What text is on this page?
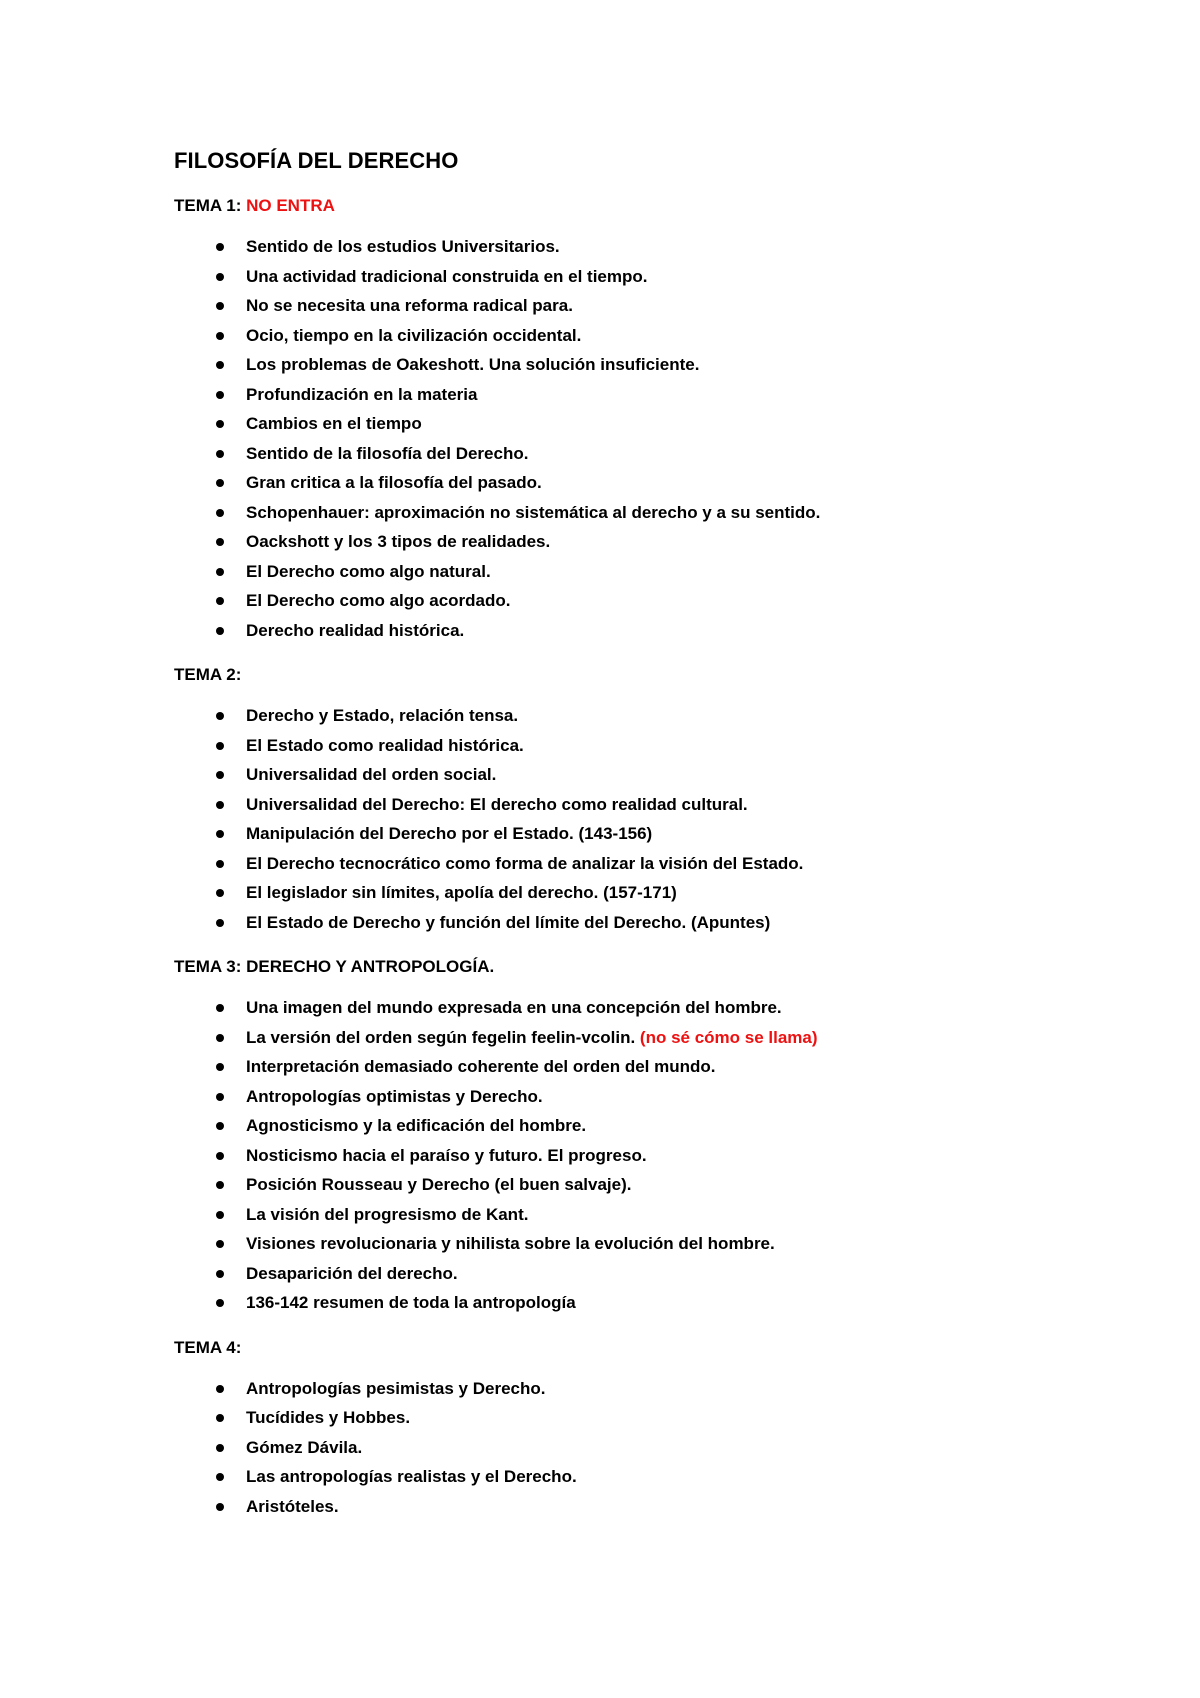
FILOSOFÍA DEL DERECHO
TEMA 1: NO ENTRA
Sentido de los estudios Universitarios.
Una actividad tradicional construida en el tiempo.
No se necesita una reforma radical para.
Ocio, tiempo en la civilización occidental.
Los problemas de Oakeshott. Una solución insuficiente.
Profundización en la materia
Cambios en el tiempo
Sentido de la filosofía del Derecho.
Gran critica a la filosofía del pasado.
Schopenhauer: aproximación no sistemática al derecho y a su sentido.
Oackshott y los 3 tipos de realidades.
El Derecho como algo natural.
El Derecho como algo acordado.
Derecho realidad histórica.
TEMA 2:
Derecho y Estado, relación tensa.
El Estado como realidad histórica.
Universalidad del orden social.
Universalidad del Derecho: El derecho como realidad cultural.
Manipulación del Derecho por el Estado. (143-156)
El Derecho tecnocrático como forma de analizar la visión del Estado.
El legislador sin límites, apolía del derecho. (157-171)
El Estado de Derecho y función del límite del Derecho. (Apuntes)
TEMA 3: DERECHO Y ANTROPOLOGÍA.
Una imagen del mundo expresada en una concepción del hombre.
La versión del orden según fegelin feelin-vcolin. (no sé cómo se llama)
Interpretación demasiado coherente del orden del mundo.
Antropologías optimistas y Derecho.
Agnosticismo y la edificación del hombre.
Nosticismo hacia el paraíso y futuro. El progreso.
Posición Rousseau y Derecho (el buen salvaje).
La visión del progresismo de Kant.
Visiones revolucionaria y nihilista sobre la evolución del hombre.
Desaparición del derecho.
136-142 resumen de toda la antropología
TEMA 4:
Antropologías pesimistas y Derecho.
Tucídides y Hobbes.
Gómez Dávila.
Las antropologías realistas y el Derecho.
Aristóteles.
